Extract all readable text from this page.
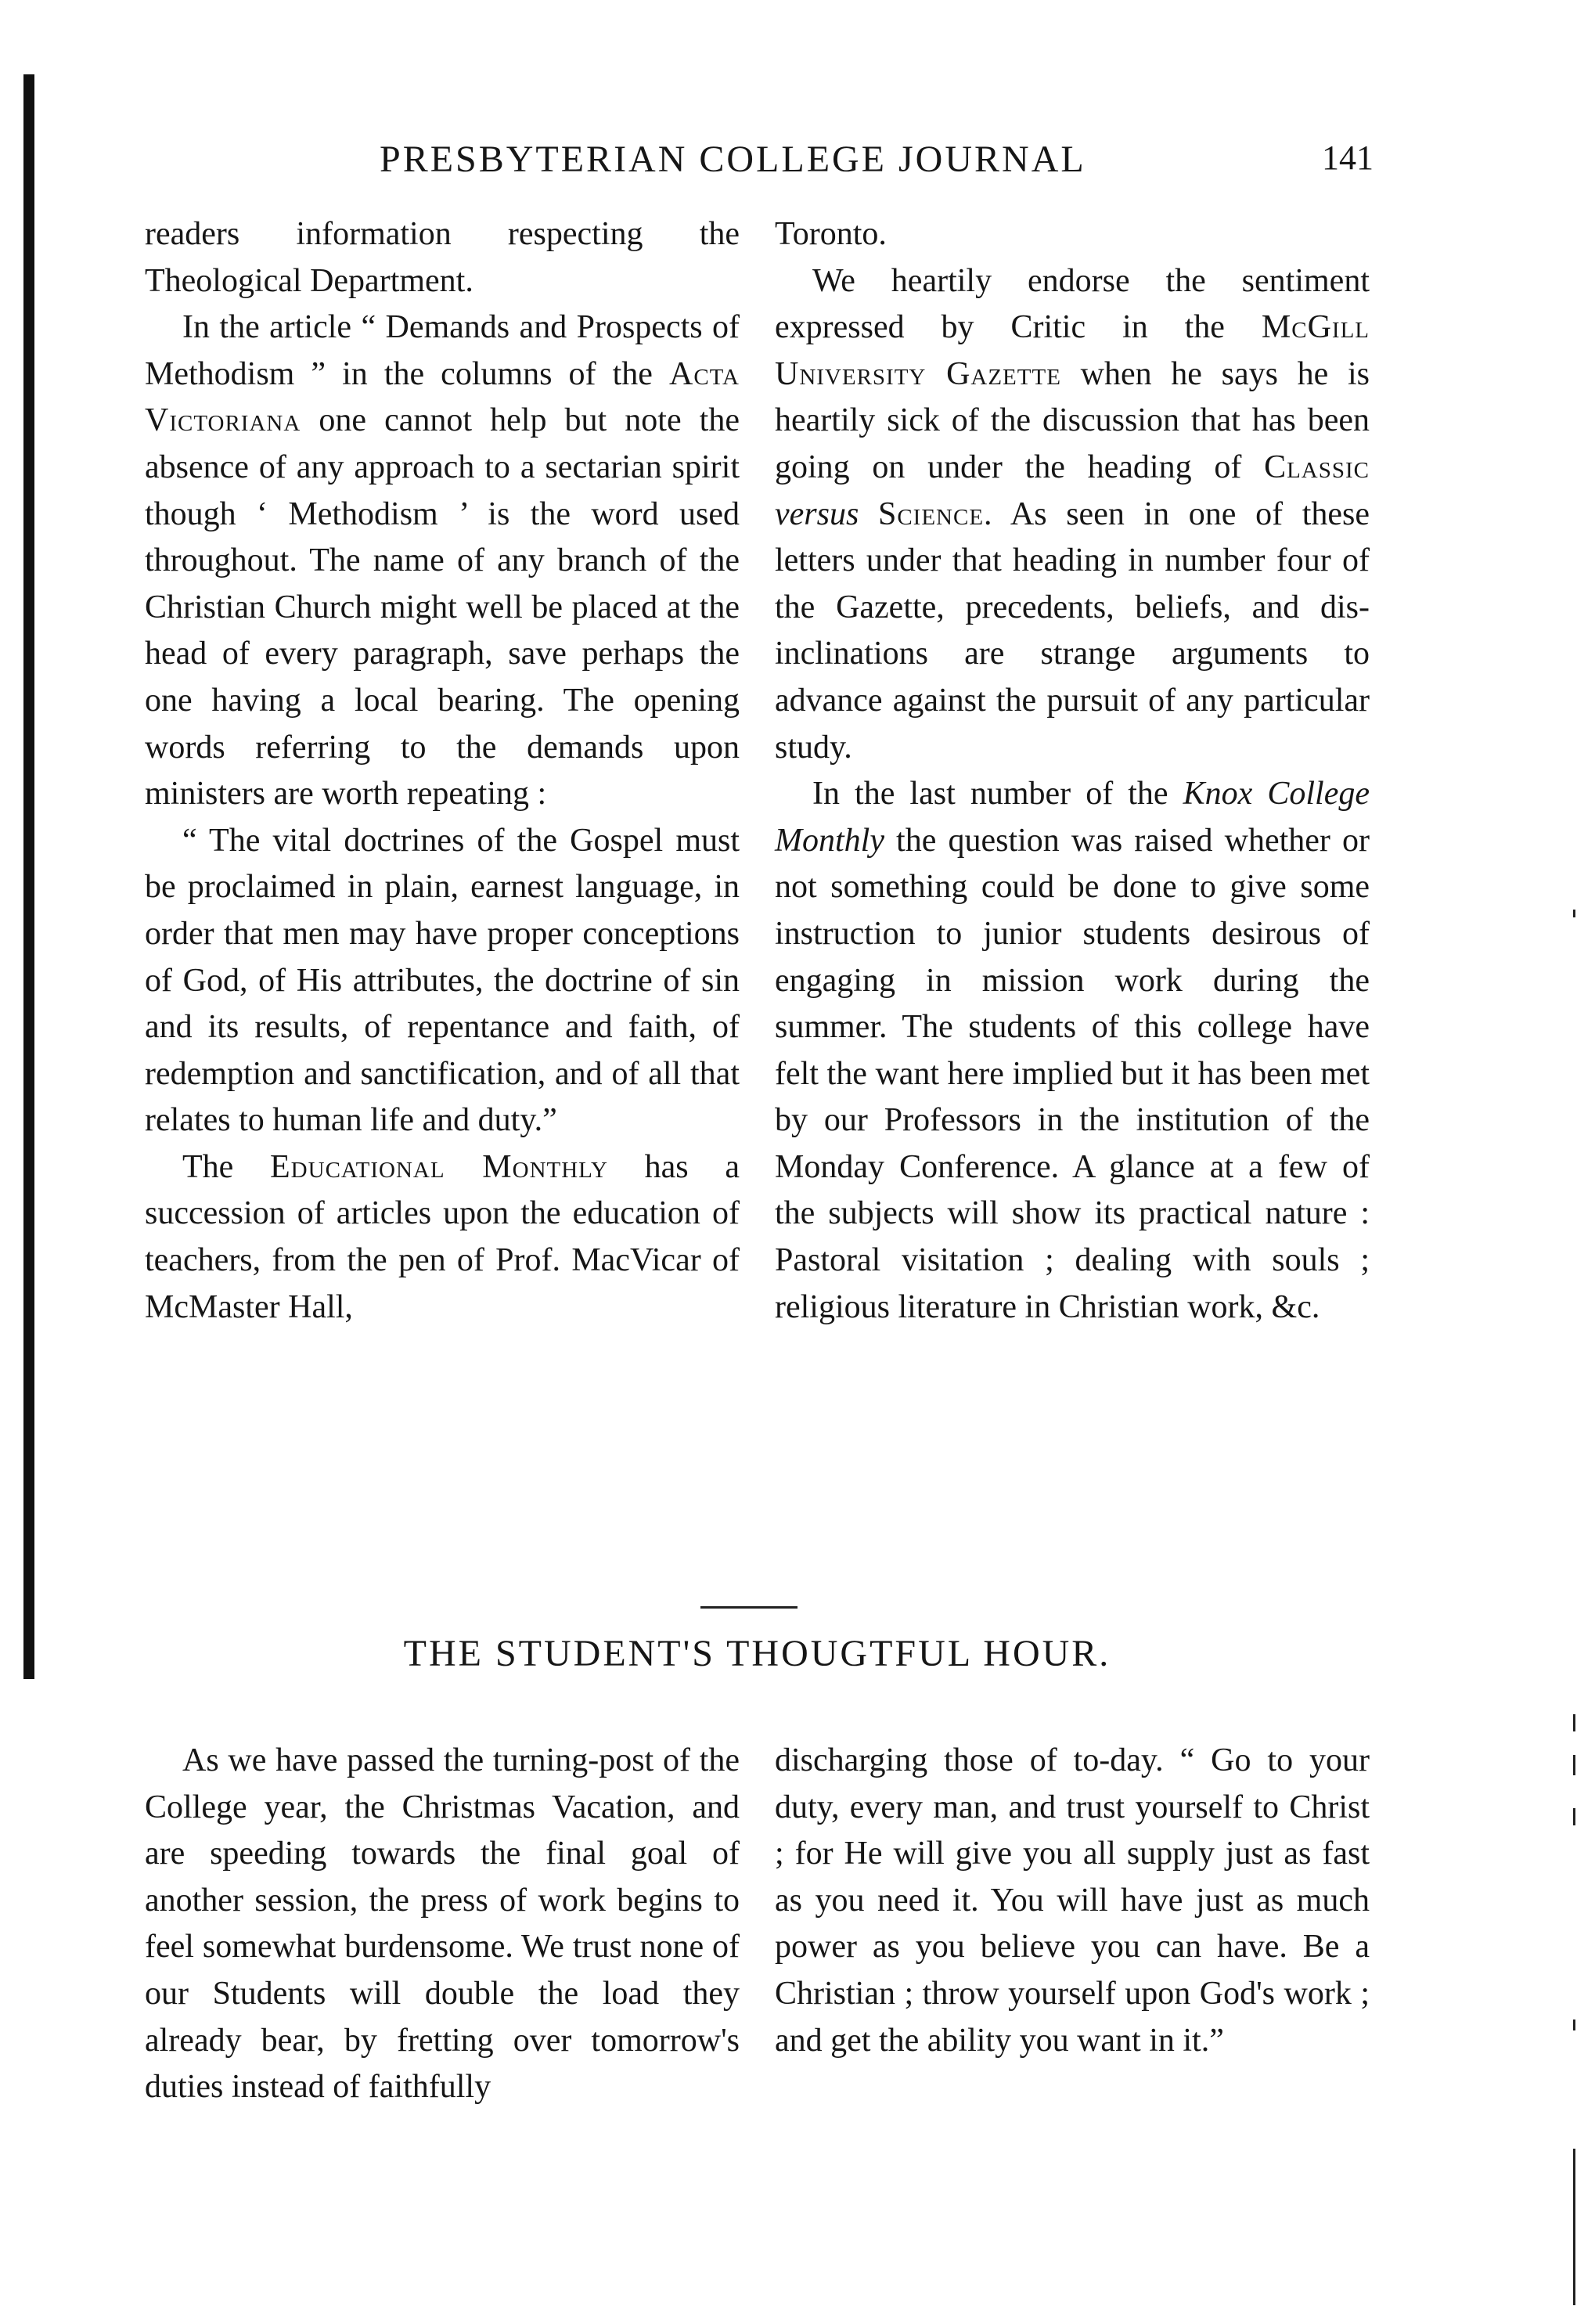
PRESBYTERIAN COLLEGE JOURNAL	141

readers information respecting the Theological Department.

In the article “ Demands and Prospects of Methodism ” in the columns of the Acta Victoriana one cannot help but note the absence of any approach to a sectarian spirit though ‘ Methodism ’ is the word used throughout. The name of any branch of the Christian Church might well be placed at the head of every paragraph, save perhaps the one having a local bearing. The opening words referring to the demands upon ministers are worth repeating :

“ The vital doctrines of the Gospel must be proclaimed in plain, earnest language, in order that men may have proper conceptions of God, of His attributes, the doctrine of sin and its results, of repentance and faith, of redemption and sanctification, and of all that relates to human life and duty.”

The Educational Monthly has a succession of articles upon the education of teachers, from the pen of Prof. MacVicar of McMaster Hall,

Toronto.

We heartily endorse the sentiment expressed by Critic in the McGill University Gazette when he says he is heartily sick of the discussion that has been going on under the heading of Classic versus Science. As seen in one of these letters under that heading in number four of the Gazette, precedents, beliefs, and disinclinations are strange arguments to advance against the pursuit of any particular study.

In the last number of the Knox College Monthly the question was raised whether or not something could be done to give some instruction to junior students desirous of engaging in mission work during the summer. The students of this college have felt the want here implied but it has been met by our Professors in the institution of the Monday Conference. A glance at a few of the subjects will show its practical nature : Pastoral visitation ; dealing with souls ; religious literature in Christian work, &c.

THE STUDENT'S THOUGTFUL HOUR.

As we have passed the turning-post of the College year, the Christmas Vacation, and are speeding towards the final goal of another session, the press of work begins to feel somewhat burdensome. We trust none of our Students will double the load they already bear, by fretting over tomorrow's duties instead of faithfully

discharging those of to-day. “ Go to your duty, every man, and trust yourself to Christ ; for He will give you all supply just as fast as you need it. You will have just as much power as you believe you can have. Be a Christian ; throw yourself upon God's work ; and get the ability you want in it.”
